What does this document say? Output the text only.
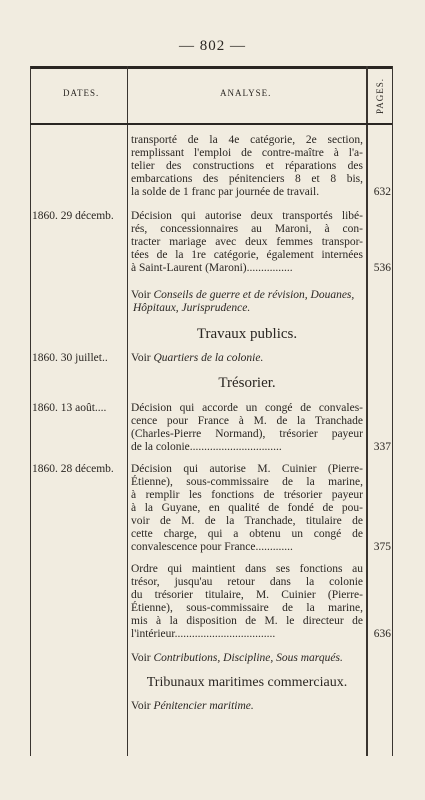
— 802 —
DATES.	ANALYSE.	PAGES.
transporté de la 4e catégorie, 2e section,
remplissant l'emploi de contre-maître à l'a-
telier des constructions et réparations des
embarcations des pénitenciers 8 et 8 bis,
la solde de 1 franc par journée de travail.	632
1860. 29 décemb. Décision qui autorise deux transportés libé-
rés, concessionnaires au Maroni, à con-
tracter mariage avec deux femmes transpor-
tées de la 1re catégorie, également internées
à Saint-Laurent (Maroni)................	536
Voir Conseils de guerre et de révision, Douanes,
Hôpitaux, Jurisprudence.
Travaux publics.
1860. 30 juillet.. Voir Quartiers de la colonie.
Trésorier.
1860. 13 août.... Décision qui accorde un congé de convales-
cence pour France à M. de la Tranchade
(Charles-Pierre Normand), trésorier payeur
de la colonie................................	337
1860. 28 décemb. Décision qui autorise M. Cuinier (Pierre-
Étienne), sous-commissaire de la marine,
à remplir les fonctions de trésorier payeur
à la Guyane, en qualité de fondé de pou-
voir de M. de la Tranchade, titulaire de
cette charge, qui a obtenu un congé de
convalescence pour France.............	375
Ordre qui maintient dans ses fonctions au
trésor, jusqu'au retour dans la colonie
du trésorier titulaire, M. Cuinier (Pierre-
Étienne), sous-commissaire de la marine,
mis à la disposition de M. le directeur de
l'intérieur...................................	636
Voir Contributions, Discipline, Sous marqués.
Tribunaux maritimes commerciaux.
Voir Pénitencier maritime.
